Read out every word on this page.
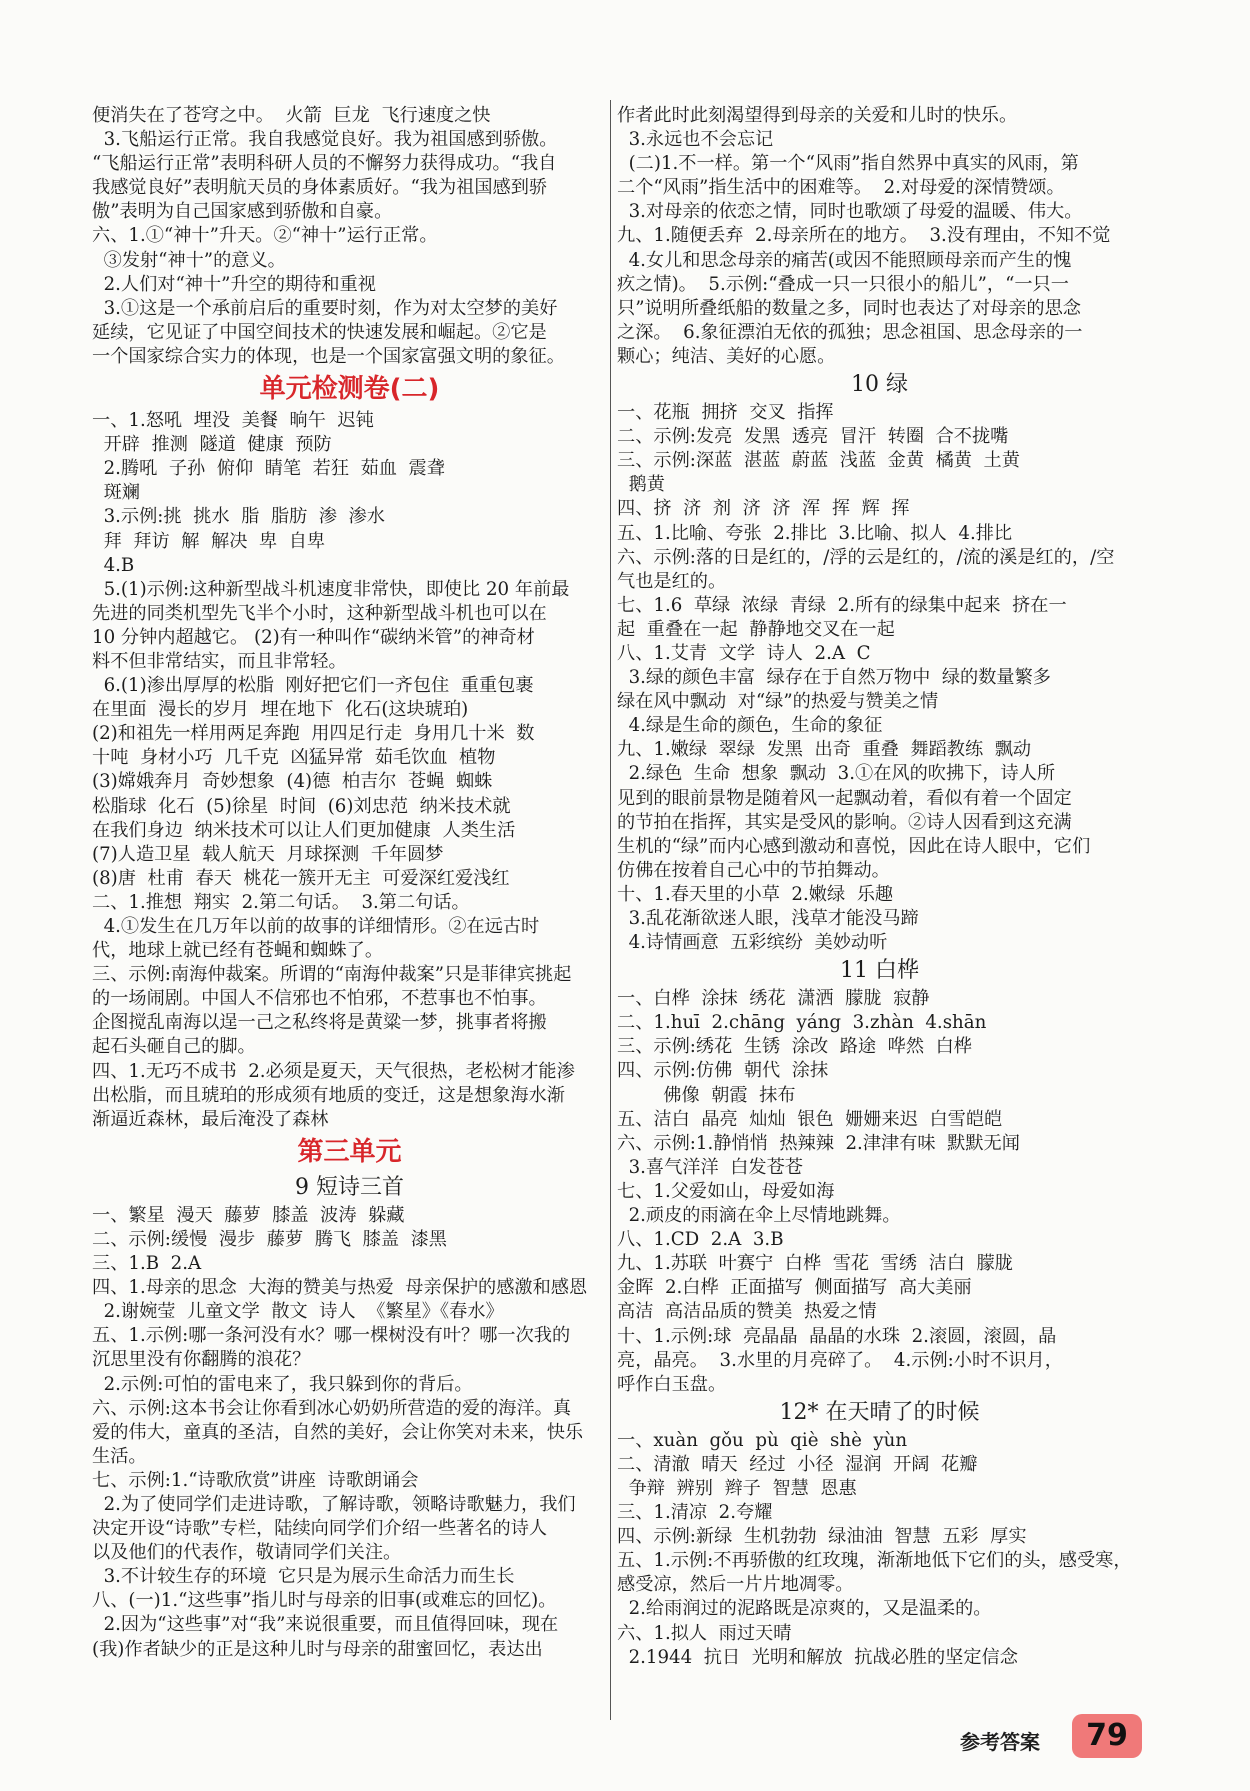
便消失在了苍穹之中。  火箭  巨龙  飞行速度之快
3.飞船运行正常。我自我感觉良好。我为祖国感到骄傲。
“飞船运行正常”表明科研人员的不懈努力获得成功。“我自
我感觉良好”表明航天员的身体素质好。“我为祖国感到骄
傲”表明为自己国家感到骄傲和自豪。
六、1.①“神十”升天。②“神十”运行正常。
③发射“神十”的意义。
2.人们对“神十”升空的期待和重视
3.①这是一个承前启后的重要时刻，作为对太空梦的美好
延续，它见证了中国空间技术的快速发展和崛起。②它是
一个国家综合实力的体现，也是一个国家富强文明的象征。
单元检测卷(二)
一、1.怒吼  埋没  美餐  晌午  迟钝
开辟  推测  隧道  健康  预防
2.腾吼  子孙  俯仰  睛笔  若狂  茹血  震聋
斑斓
3.示例:挑  挑水  脂  脂肪  渗  渗水
拜  拜访  解  解决  卑  自卑
4.B
5.(1)示例:这种新型战斗机速度非常快，即使比 20 年前最
先进的同类机型先飞半个小时，这种新型战斗机也可以在
10 分钟内超越它。 (2)有一种叫作“碳纳米管”的神奇材
料不但非常结实，而且非常轻。
6.(1)渗出厚厚的松脂  刚好把它们一齐包住  重重包裹
在里面  漫长的岁月  埋在地下  化石(这块琥珀)
(2)和祖先一样用两足奔跑  用四足行走  身用几十米  数
十吨  身材小巧  几千克  凶猛异常  茹毛饮血  植物
(3)嫦娥奔月  奇妙想象  (4)德  柏吉尔  苍蝇  蜘蛛
松脂球  化石  (5)徐星  时间  (6)刘忠范  纳米技术就
在我们身边  纳米技术可以让人们更加健康  人类生活
(7)人造卫星  载人航天  月球探测  千年圆梦
(8)唐  杜甫  春天  桃花一簇开无主  可爱深红爱浅红
二、1.推想  翔实  2.第二句话。  3.第二句话。
4.①发生在几万年以前的故事的详细情形。②在远古时
代，地球上就已经有苍蝇和蜘蛛了。
三、示例:南海仲裁案。所谓的“南海仲裁案”只是菲律宾挑起
的一场闹剧。中国人不信邪也不怕邪，不惹事也不怕事。
企图搅乱南海以逞一己之私终将是黄粱一梦，挑事者将搬
起石头砸自己的脚。
四、1.无巧不成书  2.必须是夏天，天气很热，老松树才能渗
出松脂，而且琥珀的形成须有地质的变迁，这是想象海水渐
渐逼近森林，最后淹没了森林
第三单元
9 短诗三首
一、繁星  漫天  藤萝  膝盖  波涛  躲藏
二、示例:缓慢  漫步  藤萝  腾飞  膝盖  漆黑
三、1.B  2.A
四、1.母亲的思念  大海的赞美与热爱  母亲保护的感激和感恩
2.谢婉莹  儿童文学  散文  诗人  《繁星》《春水》
五、1.示例:哪一条河没有水？哪一棵树没有叶？哪一次我的
沉思里没有你翻腾的浪花？
2.示例:可怕的雷电来了，我只躲到你的背后。
六、示例:这本书会让你看到冰心奶奶所营造的爱的海洋。真
爱的伟大，童真的圣洁，自然的美好，会让你笑对未来，快乐
生活。
七、示例:1.“诗歌欣赏”讲座  诗歌朗诵会
2.为了使同学们走进诗歌，了解诗歌，领略诗歌魅力，我们
决定开设“诗歌”专栏，陆续向同学们介绍一些著名的诗人
以及他们的代表作，敬请同学们关注。
3.不计较生存的环境  它只是为展示生命活力而生长
八、(一)1.“这些事”指儿时与母亲的旧事(或难忘的回忆)。
2.因为“这些事”对“我”来说很重要，而且值得回味，现在
(我)作者缺少的正是这种儿时与母亲的甜蜜回忆，表达出
作者此时此刻渴望得到母亲的关爱和儿时的快乐。
3.永远也不会忘记
(二)1.不一样。第一个“风雨”指自然界中真实的风雨，第
二个“风雨”指生活中的困难等。  2.对母爱的深情赞颂。
3.对母亲的依恋之情，同时也歌颂了母爱的温暖、伟大。
九、1.随便丢弃  2.母亲所在的地方。  3.没有理由，不知不觉
4.女儿和思念母亲的痛苦(或因不能照顾母亲而产生的愧
疚之情)。  5.示例:“叠成一只一只很小的船儿”，“一只一
只”说明所叠纸船的数量之多，同时也表达了对母亲的思念
之深。  6.象征漂泊无依的孤独；思念祖国、思念母亲的一
颗心；纯洁、美好的心愿。
10 绿
一、花瓶  拥挤  交叉  指挥
二、示例:发亮  发黑  透亮  冒汗  转圈  合不拢嘴
三、示例:深蓝  湛蓝  蔚蓝  浅蓝  金黄  橘黄  土黄
鹅黄
四、挤  济  剂  济  济  浑  挥  辉  挥
五、1.比喻、夸张  2.排比  3.比喻、拟人  4.排比
六、示例:落的日是红的，/浮的云是红的，/流的溪是红的，/空
气也是红的。
七、1.6  草绿  浓绿  青绿  2.所有的绿集中起来  挤在一
起  重叠在一起  静静地交叉在一起
八、1.艾青  文学  诗人  2.A  C
3.绿的颜色丰富  绿存在于自然万物中  绿的数量繁多
绿在风中飘动  对“绿”的热爱与赞美之情
4.绿是生命的颜色，生命的象征
九、1.嫩绿  翠绿  发黑  出奇  重叠  舞蹈教练  飘动
2.绿色  生命  想象  飘动  3.①在风的吹拂下，诗人所
见到的眼前景物是随着风一起飘动着，看似有着一个固定
的节拍在指挥，其实是受风的影响。②诗人因看到这充满
生机的“绿”而内心感到激动和喜悦，因此在诗人眼中，它们
仿佛在按着自己心中的节拍舞动。
十、1.春天里的小草  2.嫩绿  乐趣
3.乱花渐欲迷人眼，浅草才能没马蹄
4.诗情画意  五彩缤纷  美妙动听
11 白桦
一、白桦  涂抹  绣花  潇洒  朦胧  寂静
二、1.huī  2.chāng  yáng  3.zhàn  4.shān
三、示例:绣花  生锈  涂改  路途  哗然  白桦
四、示例:仿佛  朝代  涂抹
佛像  朝霞  抹布
五、洁白  晶亮  灿灿  银色  姗姗来迟  白雪皑皑
六、示例:1.静悄悄  热辣辣  2.津津有味  默默无闻
3.喜气洋洋  白发苍苍
七、1.父爱如山，母爱如海
2.顽皮的雨滴在伞上尽情地跳舞。
八、1.CD  2.A  3.B
九、1.苏联  叶赛宁  白桦  雪花  雪绣  洁白  朦胧
金晖  2.白桦  正面描写  侧面描写  高大美丽
高洁  高洁品质的赞美  热爱之情
十、1.示例:球  亮晶晶  晶晶的水珠  2.滚圆，滚圆，晶
亮，晶亮。  3.水里的月亮碎了。  4.示例:小时不识月，
呼作白玉盘。
12* 在天晴了的时候
一、xuàn  gǒu  pù  qiè  shè  yùn
二、清澈  晴天  经过  小径  湿润  开阔  花瓣
争辩  辨别  辫子  智慧  恩惠
三、1.清凉  2.夸耀
四、示例:新绿  生机勃勃  绿油油  智慧  五彩  厚实
五、1.示例:不再骄傲的红玫瑰，渐渐地低下它们的头，感受寒，
感受凉，然后一片片地凋零。
2.给雨润过的泥路既是凉爽的，又是温柔的。
六、1.拟人  雨过天晴
2.1944  抗日  光明和解放  抗战必胜的坚定信念
参考答案	79
